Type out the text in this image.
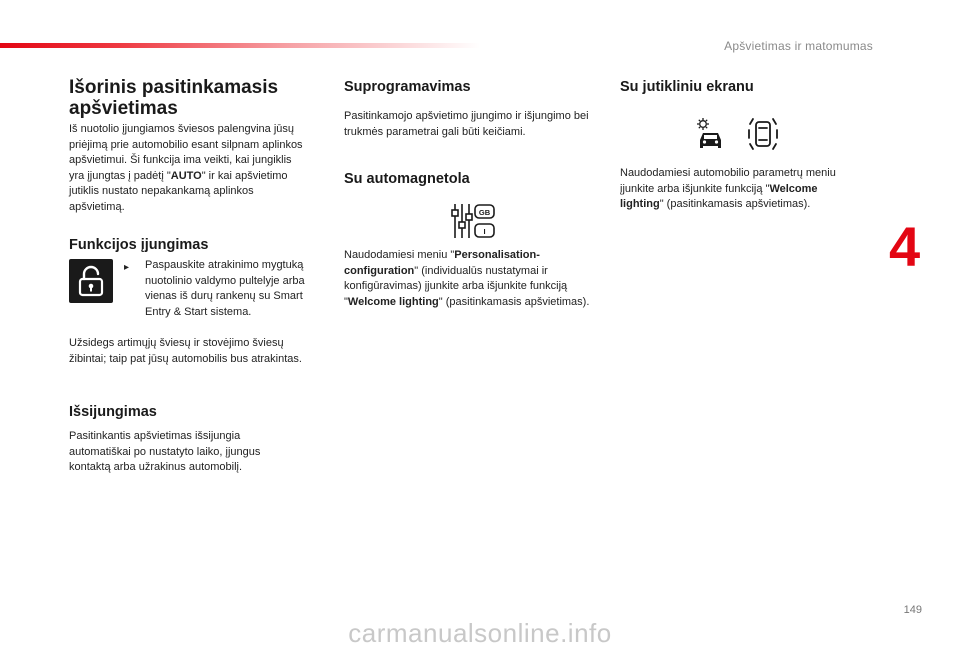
Apšvietimas ir matomumas
4
Išorinis pasitinkamasis apšvietimas

Iš nuotolio įjungiamos šviesos palengvina jūsų priėjimą prie automobilio esant silpnam aplinkos apšvietimui. Ši funkcija ima veikti, kai jungiklis yra įjungtas į padėtį "AUTO" ir kai apšvietimo jutiklis nustato nepakankamą aplinkos apšvietimą.

Funkcijos įjungimas
▸ Paspauskite atrakinimo mygtuką nuotolinio valdymo pultelyje arba vienas iš durų rankenų su Smart Entry & Start sistema.

Užsidegs artimųjų šviesų ir stovėjimo šviesų žibintai; taip pat jūsų automobilis bus atrakintas.

Išsijungimas

Pasitinkantis apšvietimas išsijungia automatiškai po nustatyto laiko, įjungus kontaktą arba užrakinus automobilį.

Suprogramavimas

Pasitinkamojo apšvietimo įjungimo ir išjungimo bei trukmės parametrai gali būti keičiami.

Su automagnetola
GB
I

Naudodamiesi meniu "Personalisation-configuration" (individualūs nustatymai ir konfigūravimas) įjunkite arba išjunkite funkciją "Welcome lighting" (pasitinkamasis apšvietimas).

Su jutikliniu ekranu

Naudodamiesi automobilio parametrų meniu įjunkite arba išjunkite funkciją "Welcome lighting" (pasitinkamasis apšvietimas).

149
carmanualsonline.info
